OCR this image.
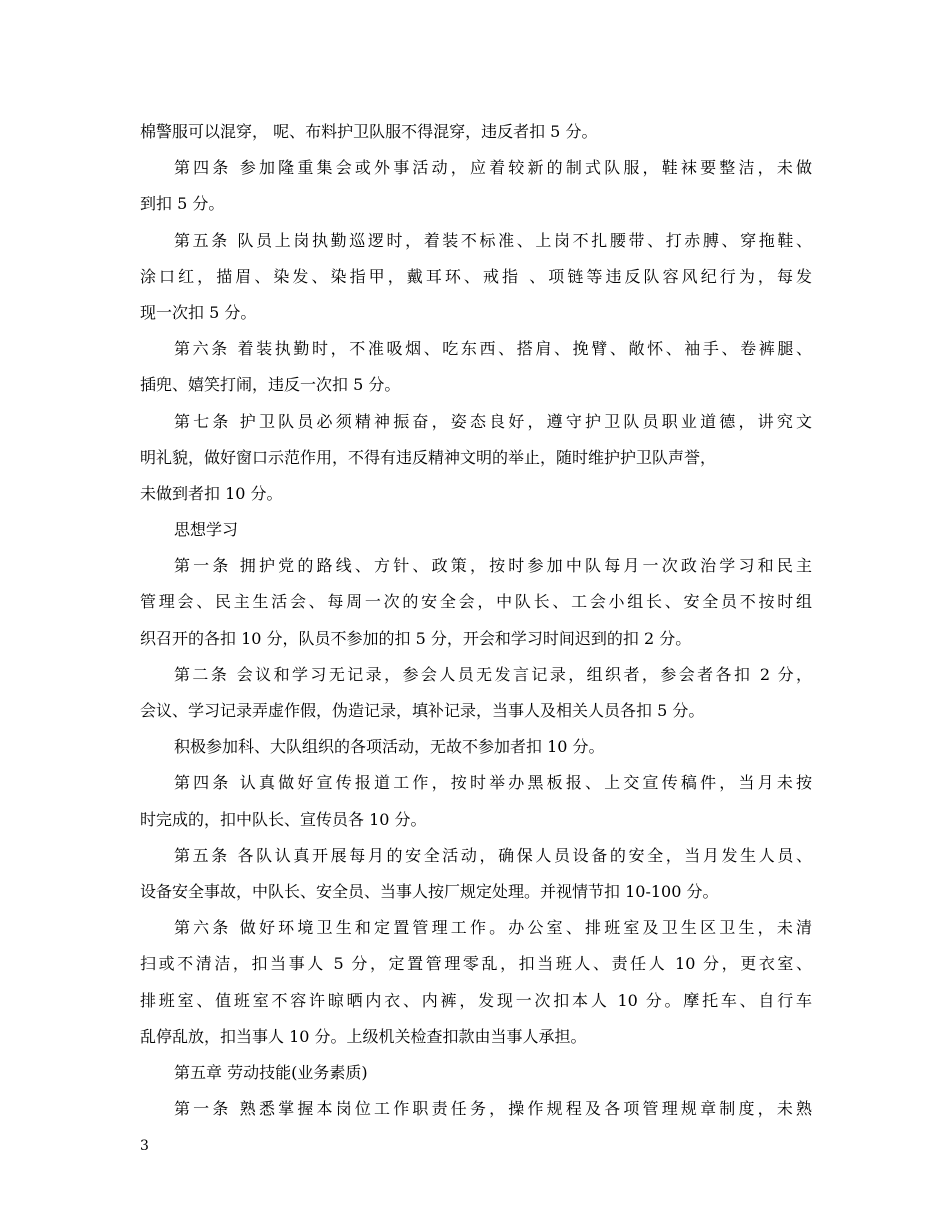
棉警服可以混穿， 呢、布料护卫队服不得混穿，违反者扣 5 分。
第四条 参加隆重集会或外事活动，应着较新的制式队服，鞋袜要整洁，未做
到扣 5 分。
第五条 队员上岗执勤巡逻时，着装不标准、上岗不扎腰带、打赤膊、穿拖鞋、
涂口红，描眉、染发、染指甲，戴耳环、戒指 、项链等违反队容风纪行为，每发
现一次扣 5 分。
第六条 着装执勤时，不准吸烟、吃东西、搭肩、挽臂、敞怀、袖手、卷裤腿、
插兜、嬉笑打闹，违反一次扣 5 分。
第七条 护卫队员必须精神振奋，姿态良好，遵守护卫队员职业道德，讲究文
明礼貌，做好窗口示范作用，不得有违反精神文明的举止，随时维护护卫队声誉，
未做到者扣 10 分。
思想学习
第一条 拥护党的路线、方针、政策，按时参加中队每月一次政治学习和民主
管理会、民主生活会、每周一次的安全会，中队长、工会小组长、安全员不按时组
织召开的各扣 10 分，队员不参加的扣 5 分，开会和学习时间迟到的扣 2 分。
第二条 会议和学习无记录，参会人员无发言记录，组织者，参会者各扣 2 分，
会议、学习记录弄虚作假，伪造记录，填补记录，当事人及相关人员各扣 5 分。
积极参加科、大队组织的各项活动，无故不参加者扣 10 分。
第四条 认真做好宣传报道工作，按时举办黑板报、上交宣传稿件，当月未按
时完成的，扣中队长、宣传员各 10 分。
第五条 各队认真开展每月的安全活动，确保人员设备的安全，当月发生人员、
设备安全事故，中队长、安全员、当事人按厂规定处理。并视情节扣 10-100 分。
第六条 做好环境卫生和定置管理工作。办公室、排班室及卫生区卫生，未清
扫或不清洁，扣当事人 5 分，定置管理零乱，扣当班人、责任人 10 分，更衣室、
排班室、值班室不容许晾晒内衣、内裤，发现一次扣本人 10 分。摩托车、自行车
乱停乱放，扣当事人 10 分。上级机关检查扣款由当事人承担。
第五章 劳动技能(业务素质)
第一条 熟悉掌握本岗位工作职责任务，操作规程及各项管理规章制度，未熟
3
